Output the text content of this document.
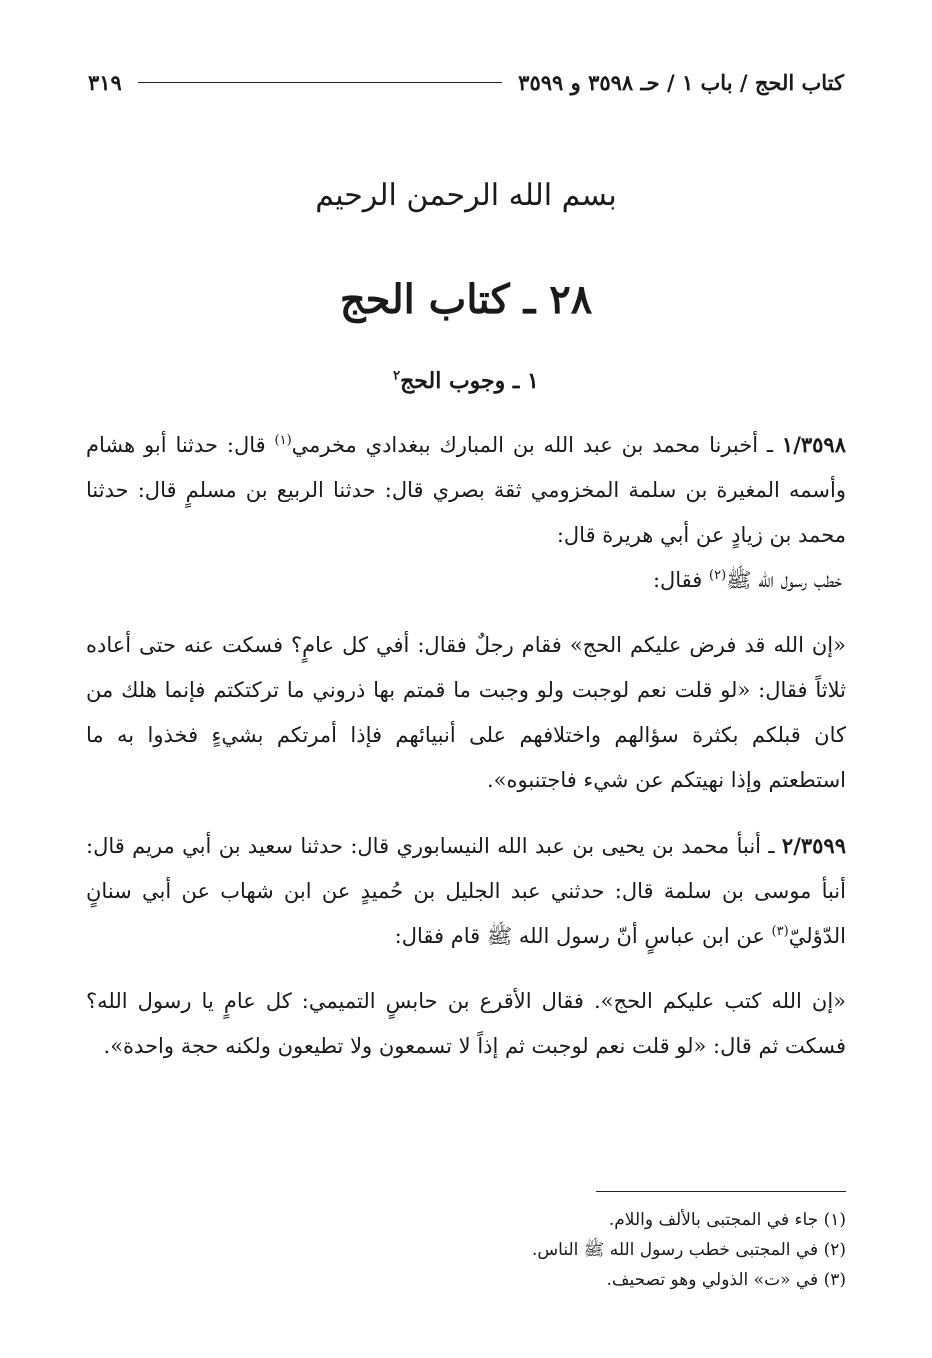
كتاب الحج / باب ١ / حـ ٣٥٩٨ و ٣٥٩٩
٣١٩
بسم الله الرحمن الرحيم
٢٨ ـ كتاب الحج
١ ـ وجوب الحج$^٢$

١/٣٥٩٨ ـ أخبرنا محمد بن عبد الله بن المبارك ببغدادي مخرمي$^{(١)}$ قال: حدثنا أبو هشام وأسمه المغيرة بن سلمة المخزومي ثقة بصري قال: حدثنا الربيع بن مسلمٍ قال: حدثنا محمد بن زيادٍ عن أبي هريرة قال:

خطب رسول الله ﷺ$^{(٢)}$ فقال:

«إن الله قد فرض عليكم الحج» فقام رجلٌ فقال: أفي كل عامٍ؟ فسكت عنه حتى أعاده ثلاثاً فقال: «لو قلت نعم لوجبت ولو وجبت ما قمتم بها ذروني ما تركتكتم فإنما هلك من كان قبلكم بكثرة سؤالهم واختلافهم على أنبيائهم فإذا أمرتكم بشيءٍ فخذوا به ما استطعتم وإذا نهيتكم عن شيء فاجتنبوه».

٢/٣٥٩٩ ـ أنبأ محمد بن يحيى بن عبد الله النيسابوري قال: حدثنا سعيد بن أبي مريم قال: أنبأ موسى بن سلمة قال: حدثني عبد الجليل بن حُميدٍ عن ابن شهاب عن أبي سنانٍ الدّؤليّ$^{(٣)}$ عن ابن عباسٍ أنّ رسول الله ﷺ قام فقال:

«إن الله كتب عليكم الحج». فقال الأقرع بن حابسٍ التميمي: كل عامٍ يا رسول الله؟ فسكت ثم قال: «لو قلت نعم لوجبت ثم إذاً لا تسمعون ولا تطيعون ولكنه حجة واحدة».

(١) جاء في المجتبى بالألف واللام.
(٢) في المجتبى خطب رسول الله ﷺ الناس.
(٣) في «ت» الذولي وهو تصحيف.
